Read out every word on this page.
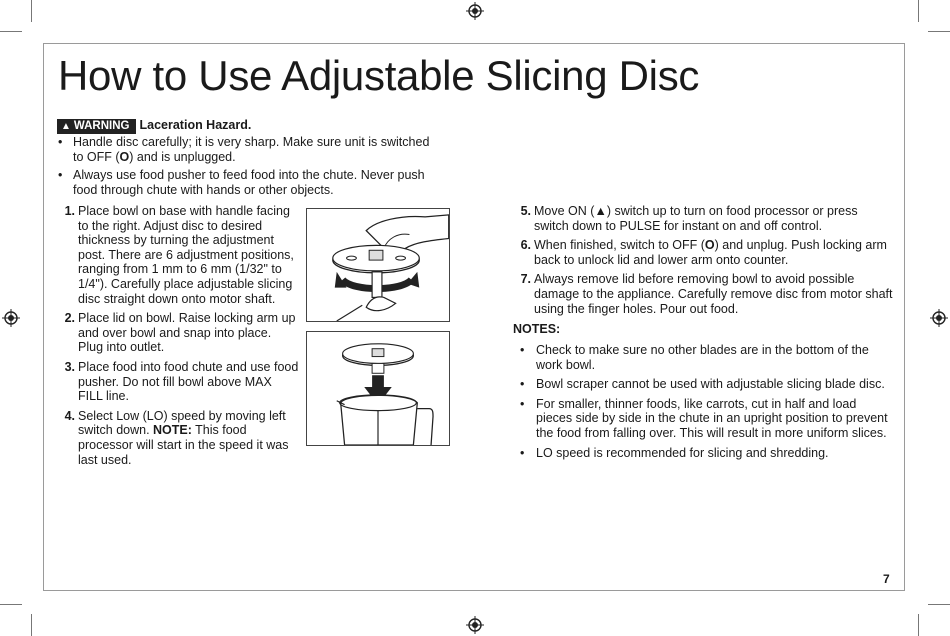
How to Use Adjustable Slicing Disc
▲ WARNING Laceration Hazard.
• Handle disc carefully; it is very sharp. Make sure unit is switched to OFF (O) and is unplugged.
• Always use food pusher to feed food into the chute. Never push food through chute with hands or other objects.
1. Place bowl on base with handle facing to the right. Adjust disc to desired thickness by turning the adjustment post. There are 6 adjustment positions, ranging from 1 mm to 6 mm (1/32" to 1/4"). Carefully place adjustable slicing disc straight down onto motor shaft.
2. Place lid on bowl. Raise locking arm up and over bowl and snap into place. Plug into outlet.
3. Place food into food chute and use food pusher. Do not fill bowl above MAX FILL line.
4. Select Low (LO) speed by moving left switch down. NOTE: This food processor will start in the speed it was last used.
5. Move ON (▲) switch up to turn on food processor or press switch down to PULSE for instant on and off control.
6. When finished, switch to OFF (O) and unplug. Push locking arm back to unlock lid and lower arm onto counter.
7. Always remove lid before removing bowl to avoid possible damage to the appliance. Carefully remove disc from motor shaft using the finger holes. Pour out food.
NOTES:
• Check to make sure no other blades are in the bottom of the work bowl.
• Bowl scraper cannot be used with adjustable slicing blade disc.
• For smaller, thinner foods, like carrots, cut in half and load pieces side by side in the chute in an upright position to prevent the food from falling over. This will result in more uniform slices.
• LO speed is recommended for slicing and shredding.
7
